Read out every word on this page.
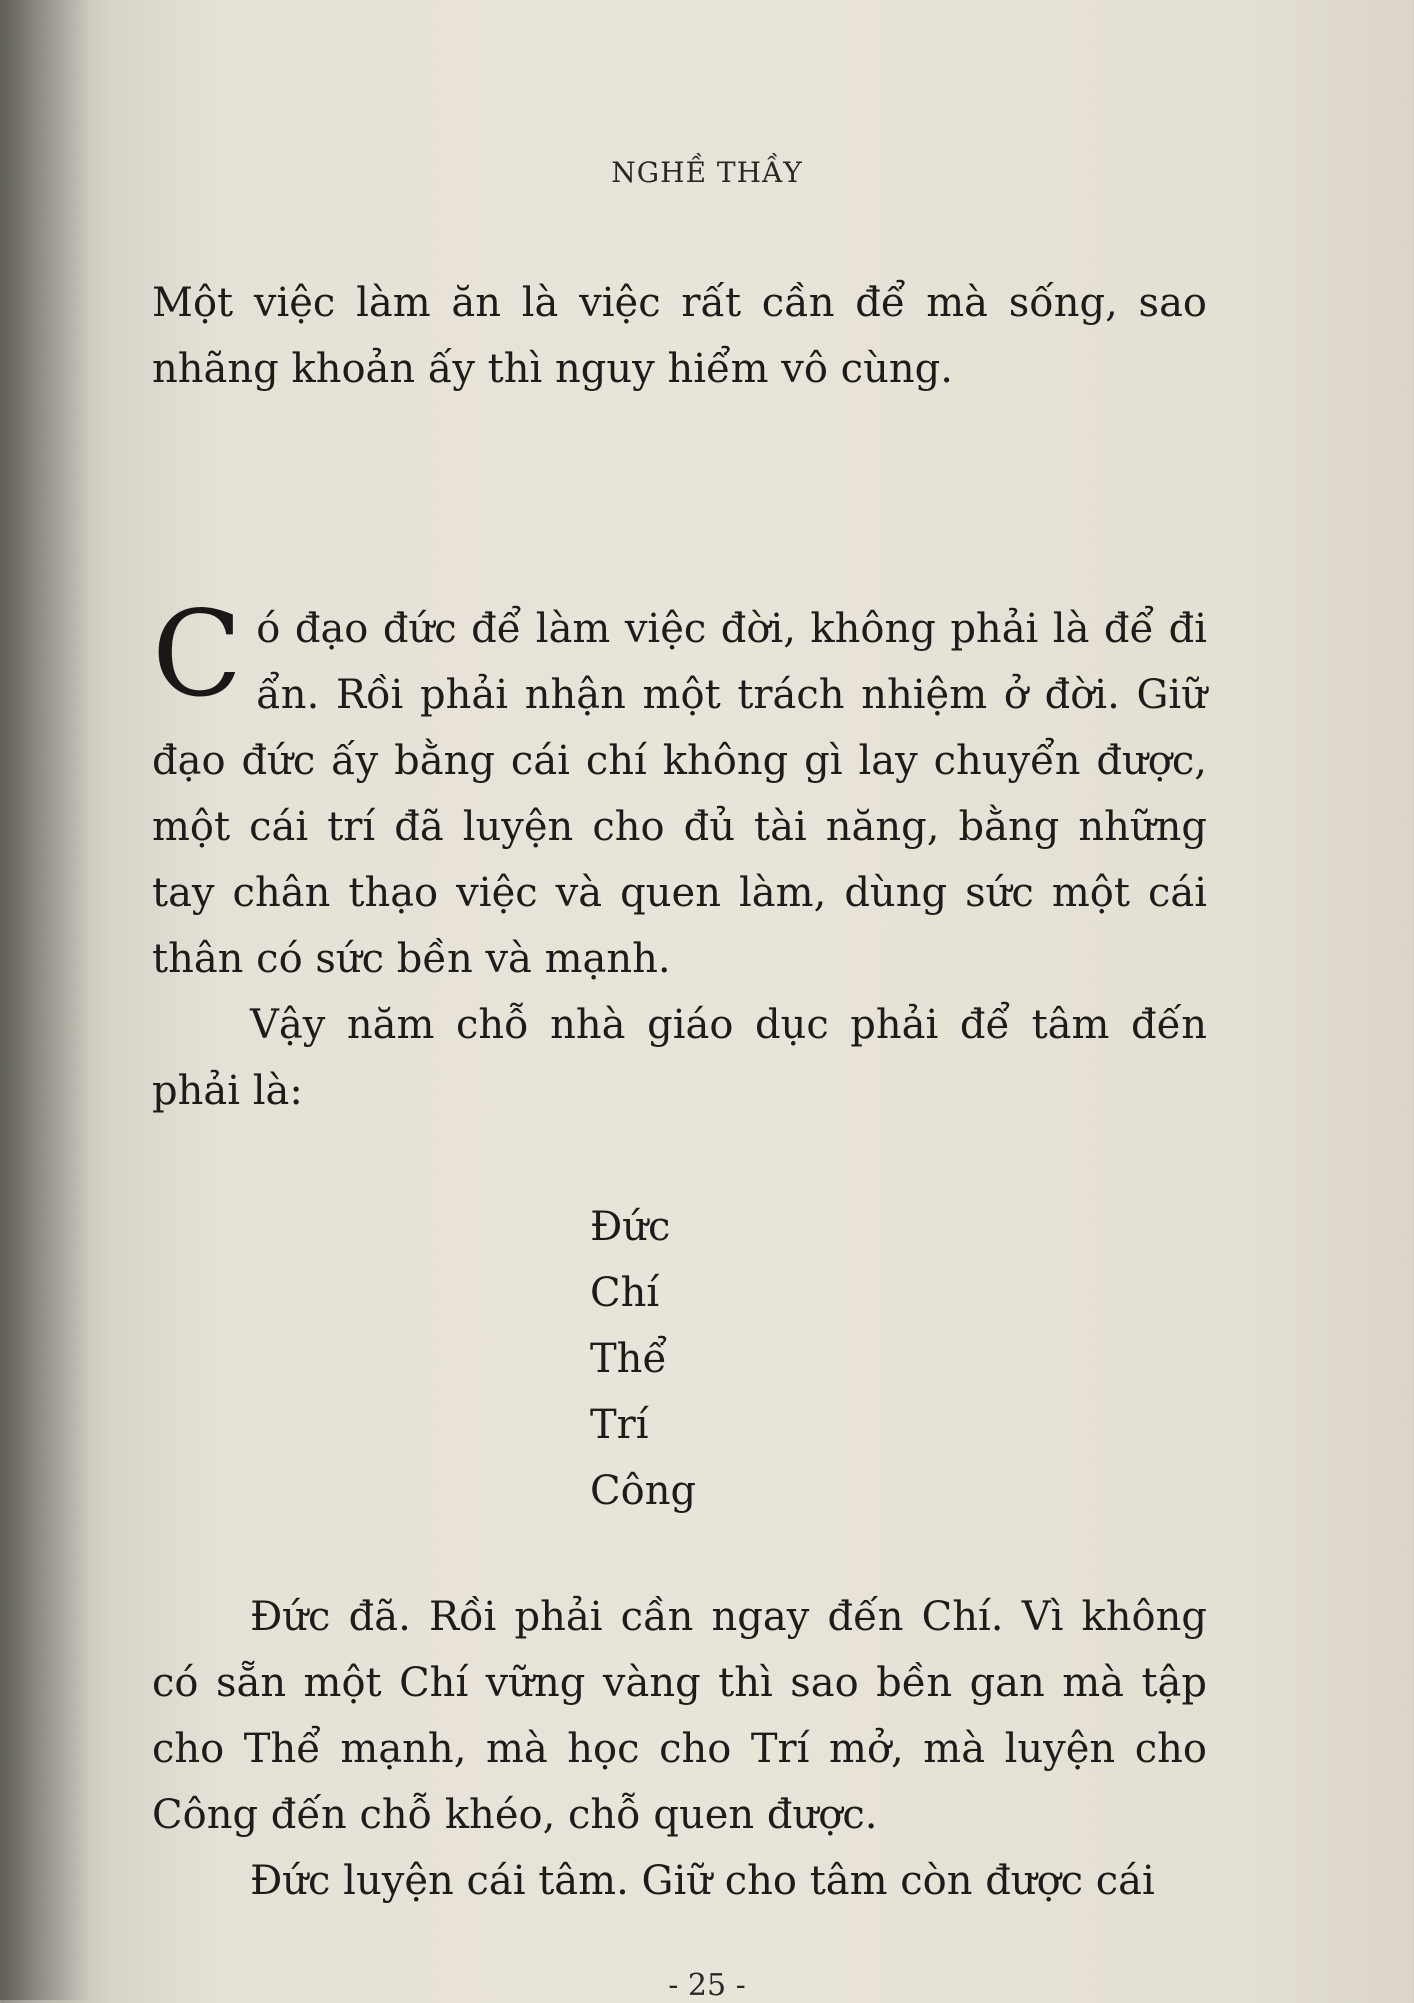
NGHỀ THẦY

Một việc làm ăn là việc rất cần để mà sống, sao nhãng khoản ấy thì nguy hiểm vô cùng.

Có đạo đức để làm việc đời, không phải là để đi ẩn. Rồi phải nhận một trách nhiệm ở đời. Giữ đạo đức ấy bằng cái chí không gì lay chuyển được, một cái trí đã luyện cho đủ tài năng, bằng những tay chân thạo việc và quen làm, dùng sức một cái thân có sức bền và mạnh.

Vậy năm chỗ nhà giáo dục phải để tâm đến phải là:

Đức
Chí
Thể
Trí
Công

Đức đã. Rồi phải cần ngay đến Chí. Vì không có sẵn một Chí vững vàng thì sao bền gan mà tập cho Thể mạnh, mà học cho Trí mở, mà luyện cho Công đến chỗ khéo, chỗ quen được.

Đức luyện cái tâm. Giữ cho tâm còn được cái

- 25 -
